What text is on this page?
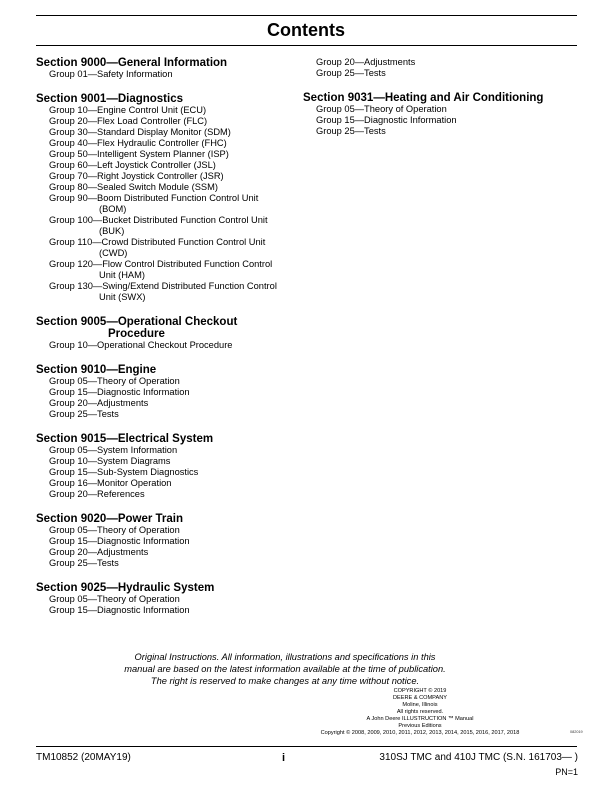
Contents
Section 9000—General Information
Group 01—Safety Information
Section 9001—Diagnostics
Group 10—Engine Control Unit (ECU)
Group 20—Flex Load Controller (FLC)
Group 30—Standard Display Monitor (SDM)
Group 40—Flex Hydraulic Controller (FHC)
Group 50—Intelligent System Planner (ISP)
Group 60—Left Joystick Controller (JSL)
Group 70—Right Joystick Controller (JSR)
Group 80—Sealed Switch Module (SSM)
Group 90—Boom Distributed Function Control Unit
(BOM)
Group 100—Bucket Distributed Function Control Unit
(BUK)
Group 110—Crowd Distributed Function Control Unit
(CWD)
Group 120—Flow Control Distributed Function Control
Unit (HAM)
Group 130—Swing/Extend Distributed Function Control
Unit (SWX)
Section 9005—Operational Checkout
Procedure
Group 10—Operational Checkout Procedure
Section 9010—Engine
Group 05—Theory of Operation
Group 15—Diagnostic Information
Group 20—Adjustments
Group 25—Tests
Section 9015—Electrical System
Group 05—System Information
Group 10—System Diagrams
Group 15—Sub-System Diagnostics
Group 16—Monitor Operation
Group 20—References
Section 9020—Power Train
Group 05—Theory of Operation
Group 15—Diagnostic Information
Group 20—Adjustments
Group 25—Tests
Section 9025—Hydraulic System
Group 05—Theory of Operation
Group 15—Diagnostic Information
Group 20—Adjustments
Group 25—Tests
Section 9031—Heating and Air Conditioning
Group 05—Theory of Operation
Group 15—Diagnostic Information
Group 25—Tests
Original Instructions. All information, illustrations and specifications in this
manual are based on the latest information available at the time of publication.
The right is reserved to make changes at any time without notice.
COPYRIGHT © 2019
DEERE & COMPANY
Moline, Illinois
All rights reserved.
A John Deere ILLUSTRUCTION ™ Manual
Previous Editions
Copyright © 2008, 2009, 2010, 2011, 2012, 2013, 2014, 2015, 2016, 2017, 2018	082019
TM10852 (20MAY19)	i	310SJ TMC and 410J TMC (S.N. 161703— )
PN=1
